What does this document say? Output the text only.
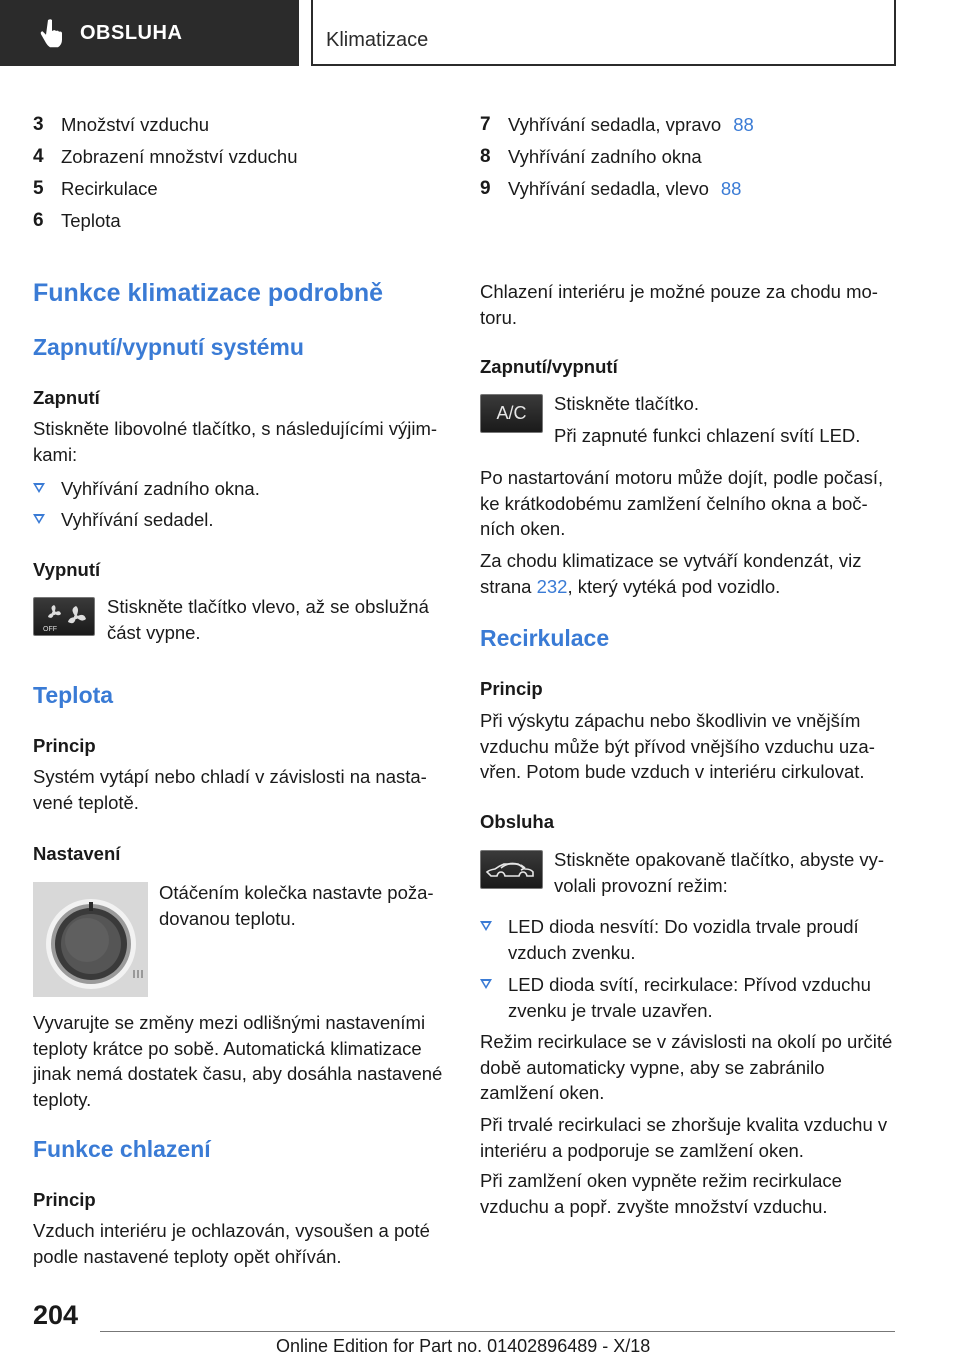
OBSLUHA	Klimatizace
3 Množství vzduchu
4 Zobrazení množství vzduchu
5 Recirkulace
6 Teplota
7 Vyhřívání sedadla, vpravo 88
8 Vyhřívání zadního okna
9 Vyhřívání sedadla, vlevo 88
Funkce klimatizace podrobně
Zapnutí/vypnutí systému
Zapnutí
Stiskněte libovolné tlačítko, s následujícími výjim‐kami:
Vyhřívání zadního okna.
Vyhřívání sedadel.
Vypnutí
OFF
Stiskněte tlačítko vlevo, až se obslužná část vypne.
Teplota
Princip
Systém vytápí nebo chladí v závislosti na nasta‐vené teplotě.
Nastavení
Otáčením kolečka nastavte poža‐dovanou teplotu.
Vyvarujte se změny mezi odlišnými nastaveními teploty krátce po sobě. Automatická klimatizace jinak nemá dostatek času, aby dosáhla nastavené teploty.
Funkce chlazení
Princip
Vzduch interiéru je ochlazován, vysoušen a poté podle nastavené teploty opět ohříván.
Chlazení interiéru je možné pouze za chodu mo‐toru.
Zapnutí/vypnutí
A/C Stiskněte tlačítko.
Při zapnuté funkci chlazení svítí LED.
Po nastartování motoru může dojít, podle počasí, ke krátkodobému zamlžení čelního okna a boč‐ních oken.
Za chodu klimatizace se vytváří kondenzát, viz strana 232, který vytéká pod vozidlo.
Recirkulace
Princip
Při výskytu zápachu nebo škodlivin ve vnějším vzduchu může být přívod vnějšího vzduchu uza‐vřen. Potom bude vzduch v interiéru cirkulovat.
Obsluha
Stiskněte opakovaně tlačítko, abyste vy‐volali provozní režim:
LED dioda nesvítí: Do vozidla trvale proudí vzduch zvenku.
LED dioda svítí, recirkulace: Přívod vzduchu zvenku je trvale uzavřen.
Režim recirkulace se v závislosti na okolí po určité době automaticky vypne, aby se zabránilo zamlžení oken.
Při trvalé recirkulaci se zhoršuje kvalita vzduchu v interiéru a podporuje se zamlžení oken.
Při zamlžení oken vypněte režim recirkulace vzduchu a popř. zvyšte množství vzduchu.
204
Online Edition for Part no. 01402896489 - X/18
